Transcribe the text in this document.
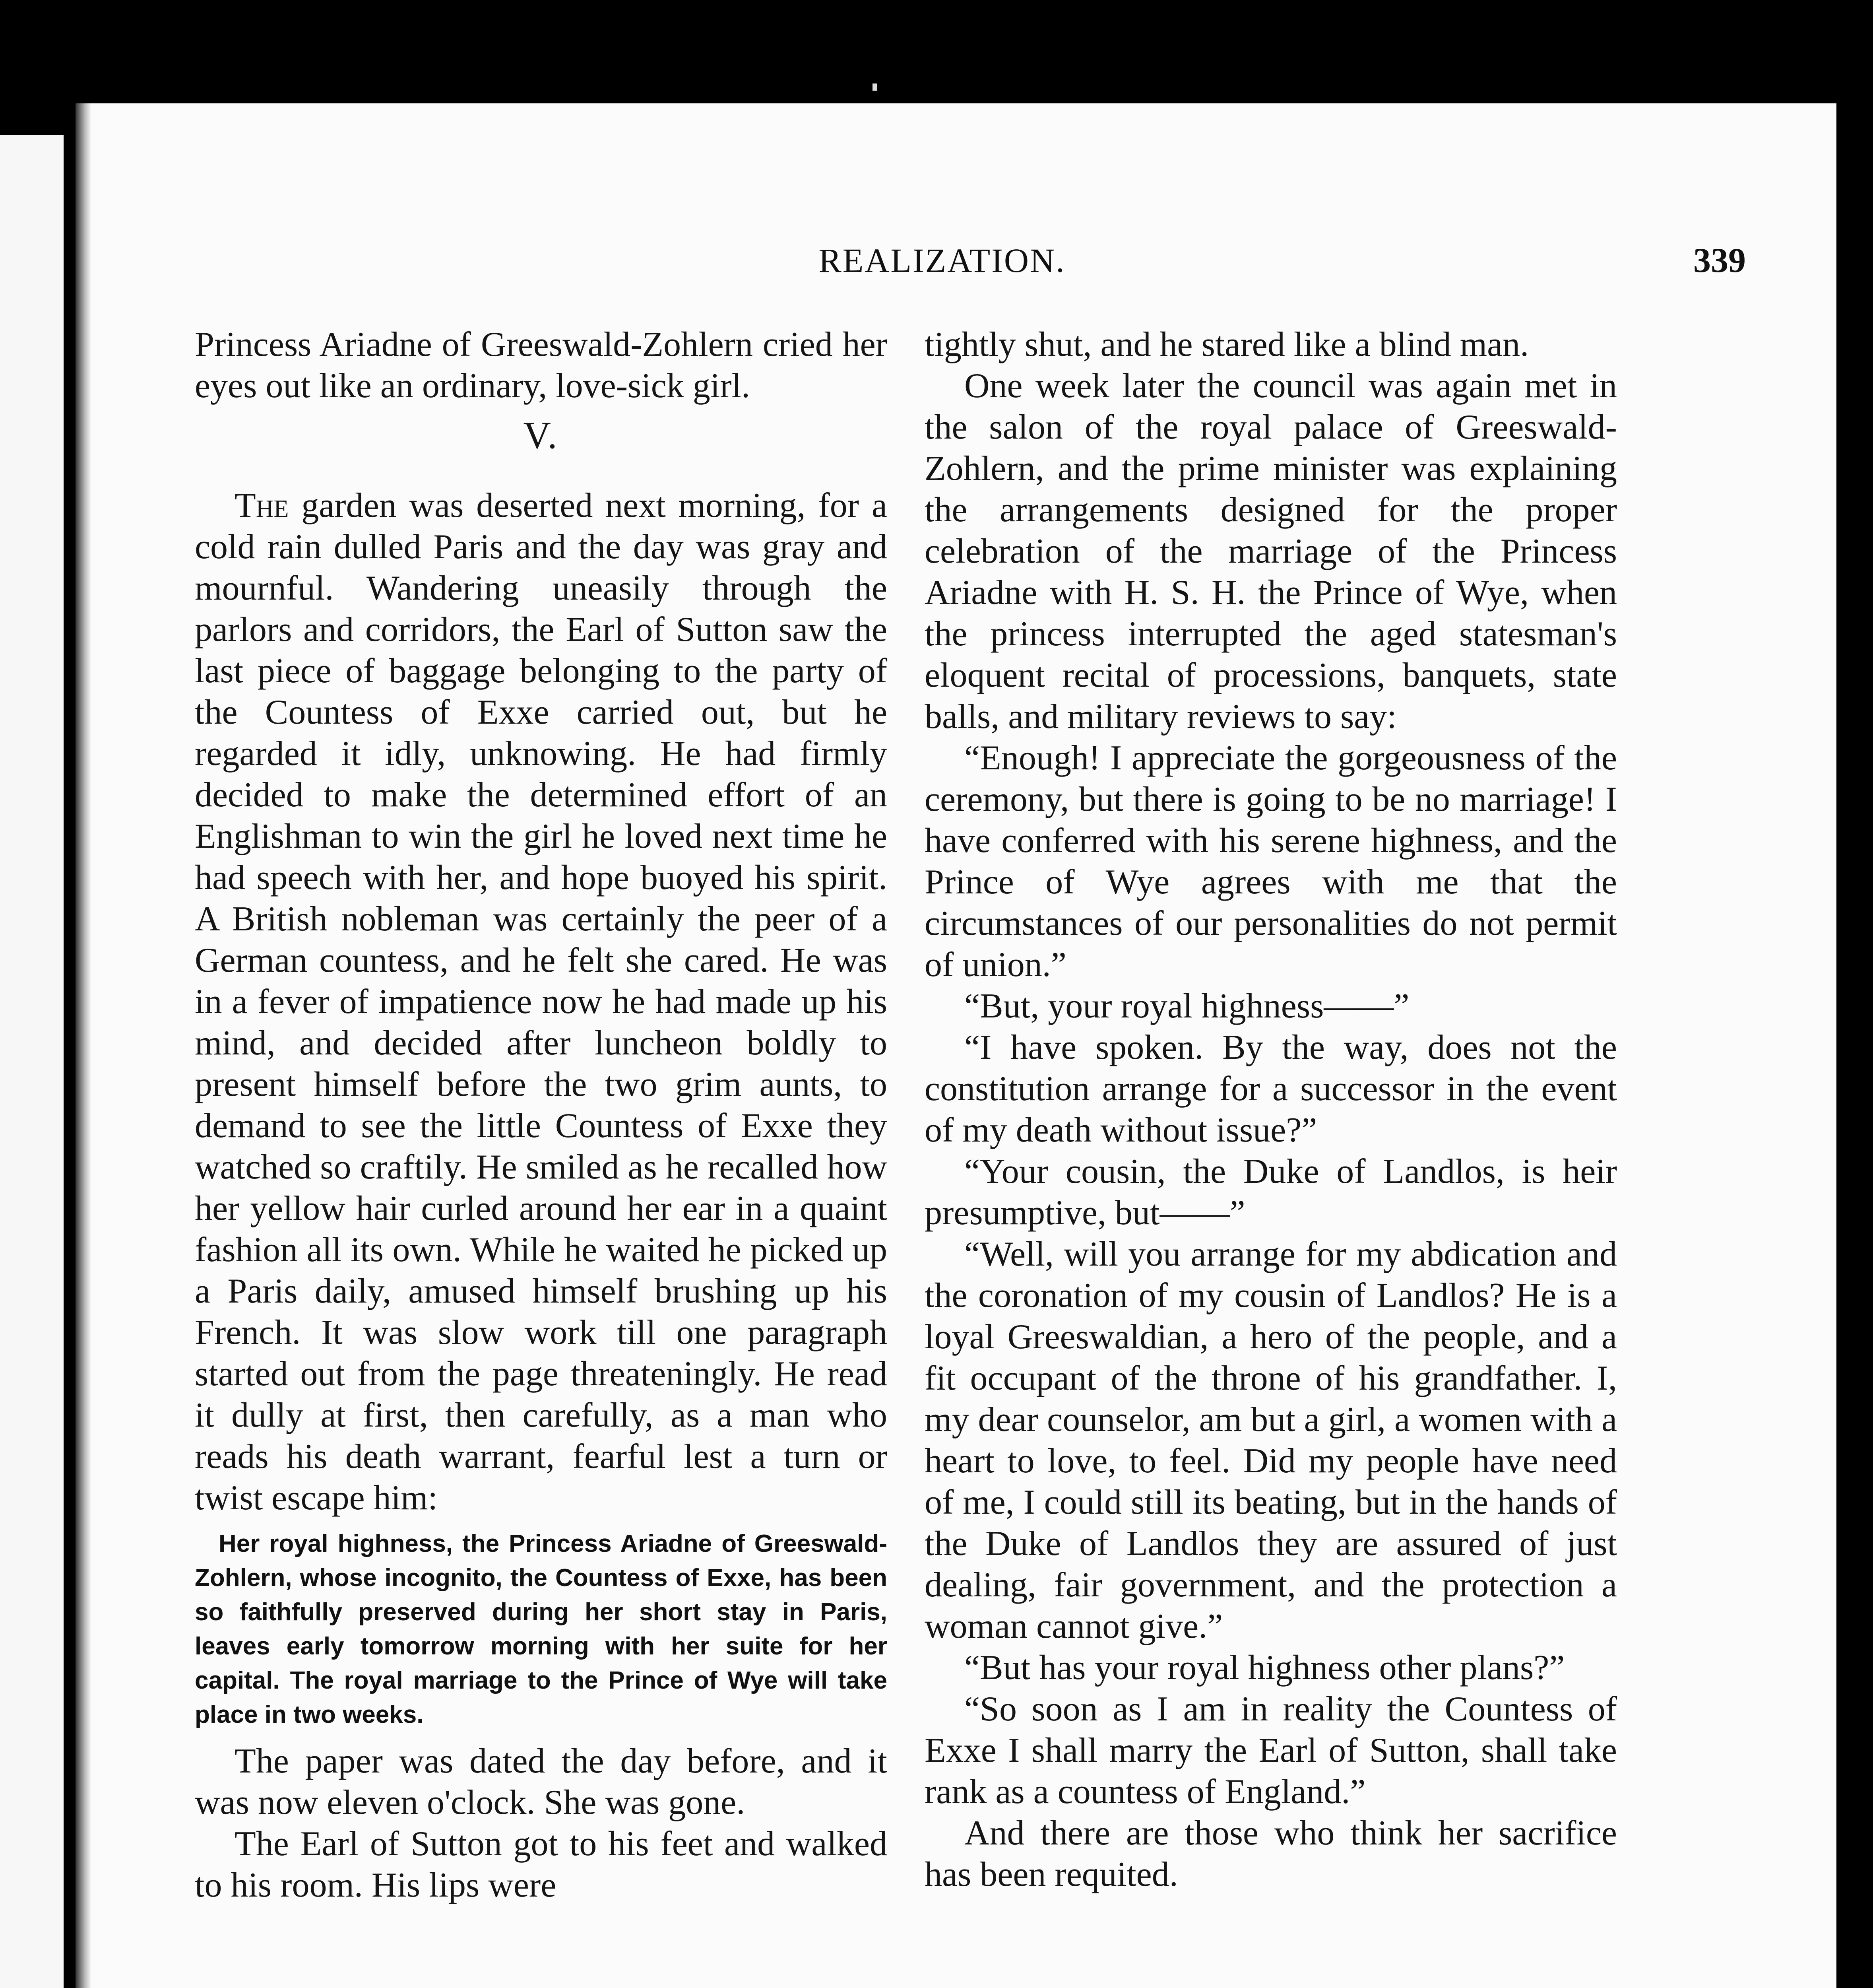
REALIZATION.	339

Princess Ariadne of Greeswald-Zohlern cried her eyes out like an ordinary, love-sick girl.

V.

The garden was deserted next morning, for a cold rain dulled Paris and the day was gray and mournful. Wandering uneasily through the parlors and corridors, the Earl of Sutton saw the last piece of baggage belonging to the party of the Countess of Exxe carried out, but he regarded it idly, unknowing. He had firmly decided to make the determined effort of an Englishman to win the girl he loved next time he had speech with her, and hope buoyed his spirit. A British nobleman was certainly the peer of a German countess, and he felt she cared. He was in a fever of impatience now he had made up his mind, and decided after luncheon boldly to present himself before the two grim aunts, to demand to see the little Countess of Exxe they watched so craftily. He smiled as he recalled how her yellow hair curled around her ear in a quaint fashion all its own. While he waited he picked up a Paris daily, amused himself brushing up his French. It was slow work till one paragraph started out from the page threateningly. He read it dully at first, then carefully, as a man who reads his death warrant, fearful lest a turn or twist escape him:

Her royal highness, the Princess Ariadne of Greeswald-Zohlern, whose incognito, the Countess of Exxe, has been so faithfully preserved during her short stay in Paris, leaves early tomorrow morning with her suite for her capital. The royal marriage to the Prince of Wye will take place in two weeks.

The paper was dated the day before, and it was now eleven o'clock. She was gone.

The Earl of Sutton got to his feet and walked to his room. His lips were

tightly shut, and he stared like a blind man.

One week later the council was again met in the salon of the royal palace of Greeswald-Zohlern, and the prime minister was explaining the arrangements designed for the proper celebration of the marriage of the Princess Ariadne with H. S. H. the Prince of Wye, when the princess interrupted the aged statesman's eloquent recital of processions, banquets, state balls, and military reviews to say:

“Enough! I appreciate the gorgeousness of the ceremony, but there is going to be no marriage! I have conferred with his serene highness, and the Prince of Wye agrees with me that the circumstances of our personalities do not permit of union.”

“But, your royal highness——”

“I have spoken. By the way, does not the constitution arrange for a successor in the event of my death without issue?”

“Your cousin, the Duke of Landlos, is heir presumptive, but——”

“Well, will you arrange for my abdication and the coronation of my cousin of Landlos? He is a loyal Greeswaldian, a hero of the people, and a fit occupant of the throne of his grandfather. I, my dear counselor, am but a girl, a women with a heart to love, to feel. Did my people have need of me, I could still its beating, but in the hands of the Duke of Landlos they are assured of just dealing, fair government, and the protection a woman cannot give.”

“But has your royal highness other plans?”

“So soon as I am in reality the Countess of Exxe I shall marry the Earl of Sutton, shall take rank as a countess of England.”

And there are those who think her sacrifice has been requited.
